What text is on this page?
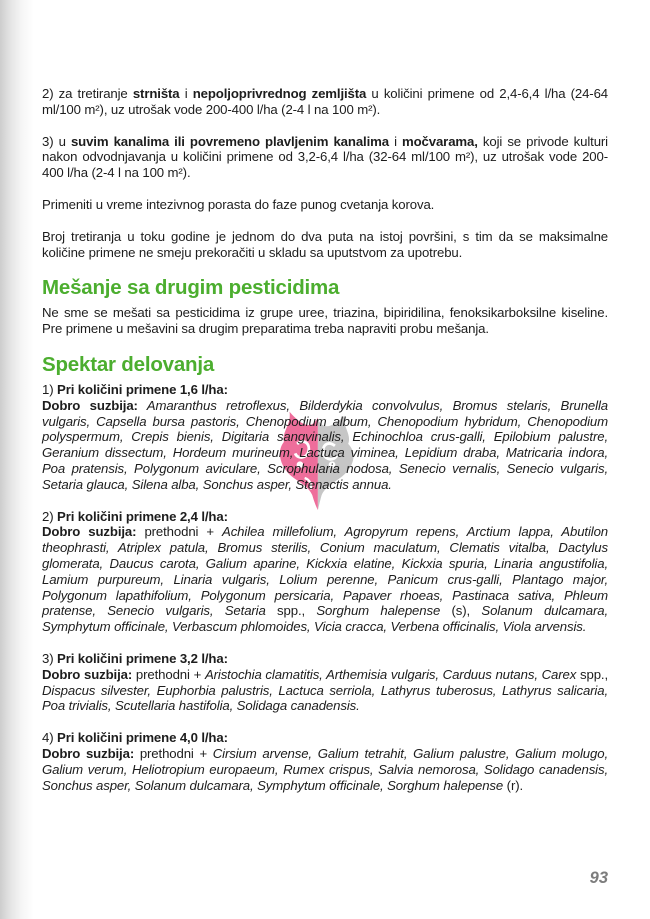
2) za tretiranje strništa i nepoljoprivrednog zemljišta u količini primene od 2,4-6,4 l/ha (24-64 ml/100 m²), uz utrošak vode 200-400 l/ha (2-4 l na 100 m²).
3) u suvim kanalima ili povremeno plavljenim kanalima i močvarama, koji se privode kulturi nakon odvodnjavanja u količini primene od 3,2-6,4 l/ha (32-64 ml/100 m²), uz utrošak vode 200-400 l/ha (2-4 l na 100 m²).
Primeniti u vreme intezivnog porasta do faze punog cvetanja korova.
Broj tretiranja u toku godine je jednom do dva puta na istoj površini, s tim da se maksimalne količine primene ne smeju prekoračiti u skladu sa uputstvom za upotrebu.
Mešanje sa drugim pesticidima
Ne sme se mešati sa pesticidima iz grupe uree, triazina, bipiridilina, fenoksikarboksilne kiseline. Pre primene u mešavini sa drugim preparatima treba napraviti probu mešanja.
Spektar delovanja
1) Pri količini primene 1,6 l/ha:
Dobro suzbija: Amaranthus retroflexus, Bilderdykia convolvulus, Bromus stelaris, Brunella vulgaris, Capsella bursa pastoris, Chenopodium album, Chenopodium hybridum, Chenopodium polyspermum, Crepis bienis, Digitaria sangvinalis, Echinochloa crus-galli, Epilobium palustre, Geranium dissectum, Hordeum murineum, Lactuca viminea, Lepidium draba, Matricaria indora, Poa pratensis, Polygonum aviculare, Scrophularia nodosa, Senecio vernalis, Senecio vulgaris, Setaria glauca, Silena alba, Sonchus asper, Stenactis annua.
2) Pri količini primene 2,4 l/ha:
Dobro suzbija: prethodni + Achilea millefolium, Agropyrum repens, Arctium lappa, Abutilon theophrasti, Atriplex patula, Bromus sterilis, Conium maculatum, Clematis vitalba, Dactylus glomerata, Daucus carota, Galium aparine, Kickxia elatine, Kickxia spuria, Linaria angustifolia, Lamium purpureum, Linaria vulgaris, Lolium perenne, Panicum crus-galli, Plantago major, Polygonum lapathifolium, Polygonum persicaria, Papaver rhoeas, Pastinaca sativa, Phleum pratense, Senecio vulgaris, Setaria spp., Sorghum halepense (s), Solanum dulcamara, Symphytum officinale, Verbascum phlomoides, Vicia cracca, Verbena officinalis, Viola arvensis.
3) Pri količini primene 3,2 l/ha:
Dobro suzbija: prethodni + Aristochia clamatitis, Arthemisia vulgaris, Carduus nutans, Carex spp., Dispacus silvester, Euphorbia palustris, Lactuca serriola, Lathyrus tuberosus, Lathyrus salicaria, Poa trivialis, Scutellaria hastifolia, Solidaga canadensis.
4) Pri količini primene 4,0 l/ha:
Dobro suzbija: prethodni + Cirsium arvense, Galium tetrahit, Galium palustre, Galium molugo, Galium verum, Heliotropium europaeum, Rumex crispus, Salvia nemorosa, Solidago canadensis, Sonchus asper, Solanum dulcamara, Symphytum officinale, Sorghum halepense (r).
93
